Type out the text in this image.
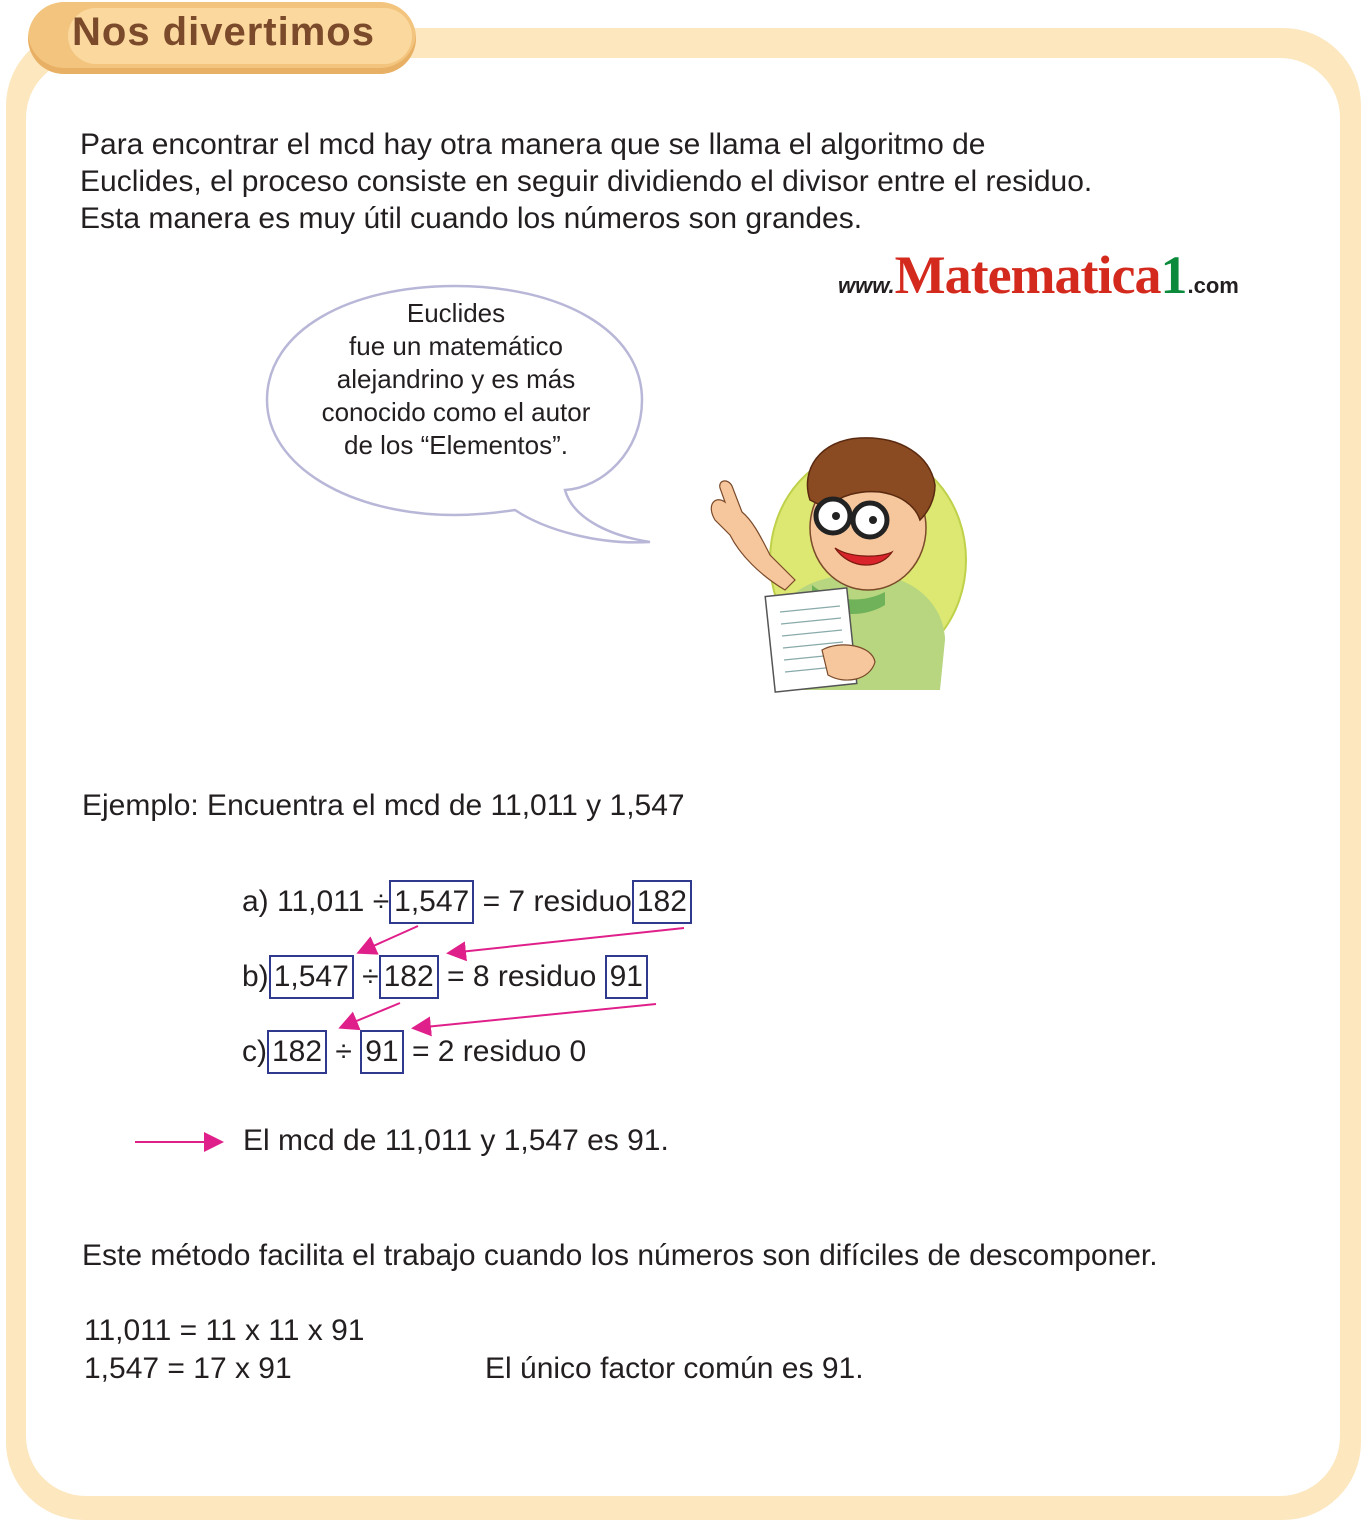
Nos divertimos
Para encontrar el mcd hay otra manera que se llama el algoritmo de
Euclides, el proceso consiste en seguir dividiendo el divisor entre el residuo.
Esta manera es muy útil cuando los números son grandes.
www.Matematica1.com
Euclides
fue un matemático
alejandrino y es más
conocido como el autor
de los “Elementos”.
Ejemplo: Encuentra el mcd de 11,011 y 1,547
a) 11,011 ÷ 1,547 = 7 residuo 182
b) 1,547 ÷ 182 = 8 residuo 91
c) 182 ÷ 91 = 2 residuo 0
El mcd de 11,011 y 1,547 es 91.
Este método facilita el trabajo cuando los números son difíciles de descomponer.
11,011 = 11 x 11 x 91
1,547 = 17 x 91	El único factor común es 91.
